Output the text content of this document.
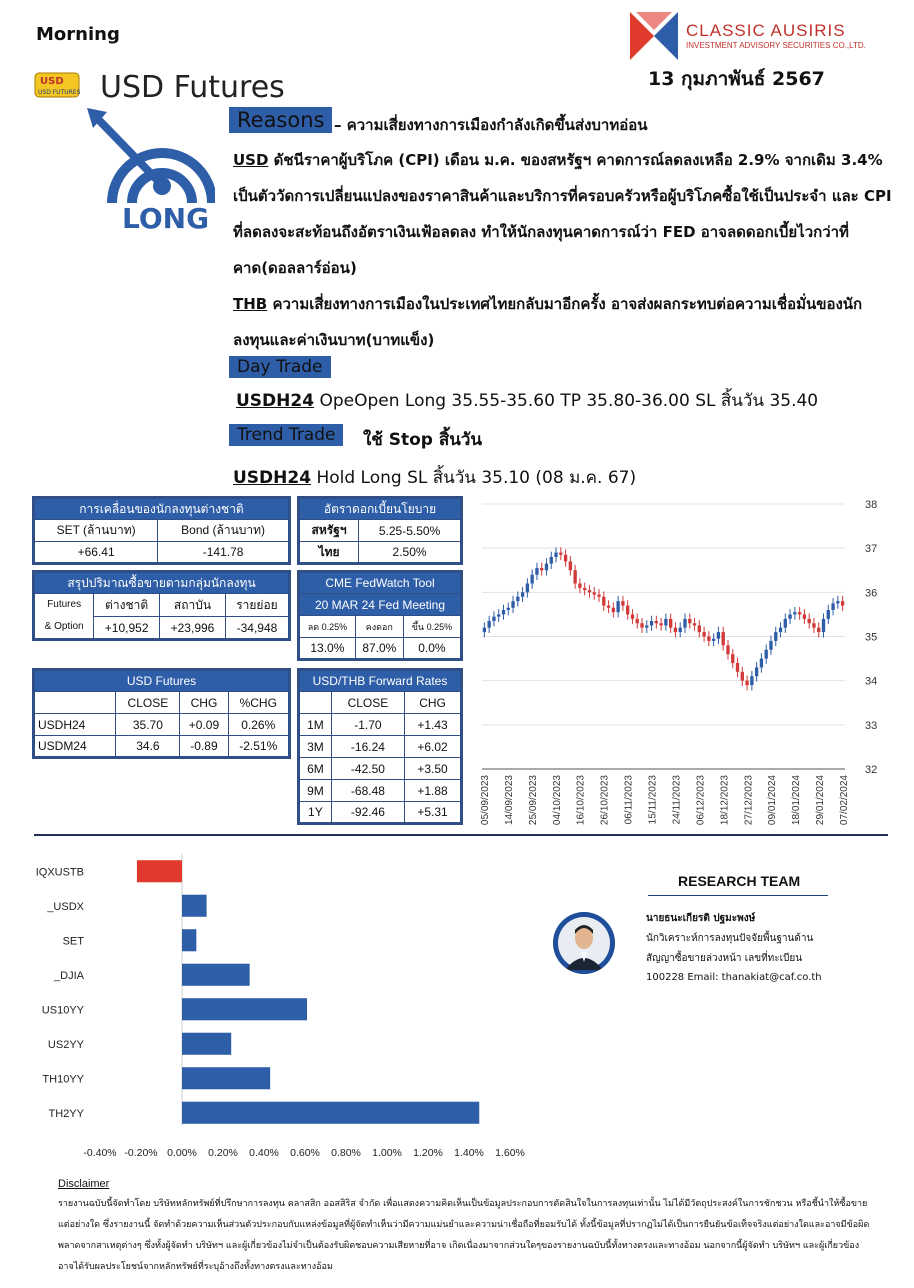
Morning	CLASSIC AUSIRIS
INVESTMENT ADVISORY SECURITIES CO.,LTD.
13 กุมภาพันธ์ 2567
USD
USD FUTURES USD Futures
LONG
Reasons – ความเสี่ยงทางการเมืองกำลังเกิดขึ้นส่งบาทอ่อน
USD ดัชนีราคาผู้บริโภค (CPI) เดือน ม.ค. ของสหรัฐฯ คาดการณ์ลดลงเหลือ 2.9% จากเดิม 3.4% เป็นตัววัดการเปลี่ยนแปลงของราคาสินค้าและบริการที่ครอบครัวหรือผู้บริโภคซื้อใช้เป็นประจำ และ CPI ที่ลดลงจะสะท้อนถึงอัตราเงินเฟ้อลดลง ทำให้นักลงทุนคาดการณ์ว่า FED อาจลดดอกเบี้ยไวกว่าที่คาด(ดอลลาร์อ่อน)
THB ความเสี่ยงทางการเมืองในประเทศไทยกลับมาอีกครั้ง อาจส่งผลกระทบต่อความเชื่อมั่นของนักลงทุนและค่าเงินบาท(บาทแข็ง)
Day Trade
USDH24 OpeOpen Long 35.55-35.60 TP 35.80-36.00 SL สิ้นวัน 35.40
Trend Trade	ใช้ Stop สิ้นวัน
USDH24 Hold Long SL สิ้นวัน 35.10 (08 ม.ค. 67)
การเคลื่อนของนักลงทุนต่างชาติ	
SET (ล้านบาท)	Bond (ล้านบาท)
+66.41	-141.78
อัตราดอกเบี้ยนโยบาย	
สหรัฐฯ	5.25-5.50%
ไทย	2.50%
สรุปปริมาณซื้อขายตามกลุ่มนักลงทุน			

Futures
& Option	ต่างชาติ	สถาบัน	รายย่อย
	+10,952	+23,996	-34,948
CME FedWatch Tool		
20 MAR 24 Fed Meeting		
ลด 0.25%	คงดอก	ขึ้น 0.25%
13.0%	87.0%	0.0%
USD Futures			
	CLOSE	CHG	%CHG
USDH24	35.70	+0.09	0.26%
USDM24	34.6	-0.89	-2.51%
USD/THB Forward Rates		
	CLOSE	CHG
1M	-1.70	+1.43
3M	-16.24	+6.02
6M	-42.50	+3.50
9M	-68.48	+1.88
1Y	-92.46	+5.31
32
33
34
35
36
37
38
05/09/2023 14/09/2023 25/09/2023 04/10/2023 16/10/2023 26/10/2023 06/11/2023 15/11/2023 24/11/2023 06/12/2023 18/12/2023 27/12/2023 09/01/2024 18/01/2024 29/01/2024 07/02/2024
IQXUSTB
_USDX
SET
_DJIA
US10YY
US2YY
TH10YY
TH2YY
-0.40% -0.20% 0.00% 0.20% 0.40% 0.60% 0.80% 1.00% 1.20% 1.40% 1.60%
RESEARCH TEAM
นายธนะเกียรติ ปฐมะพงษ์
นักวิเคราะห์การลงทุนปัจจัยพื้นฐานด้าน
สัญญาซื้อขายล่วงหน้า เลขที่ทะเบียน
100228 Email: thanakiat@caf.co.th
Disclaimer
รายงานฉบับนี้จัดทำโดย บริษัทหลักทรัพย์ที่ปรึกษาการลงทุน คลาสสิก ออสสิริส จำกัด เพื่อแสดงความคิดเห็นเป็นข้อมูลประกอบการตัดสินใจในการลงทุนเท่านั้น ไม่ได้มีวัตถุประสงค์ในการชักชวน หรือชี้นำให้ซื้อขายแต่อย่างใด ซึ่งรายงานนี้ จัดทำด้วยความเห็นส่วนตัวประกอบกับแหล่งข้อมูลที่ผู้จัดทำเห็นว่ามีความแม่นยำและความน่าเชื่อถือที่ยอมรับได้ ทั้งนี้ข้อมูลที่ปรากฏไม่ได้เป็นการยืนยันข้อเท็จจริงแต่อย่างใดและอาจมีข้อผิดพลาดจากสาเหตุต่างๆ ซึ่งทั้งผู้จัดทำ บริษัทฯ และผู้เกี่ยวข้องไม่จำเป็นต้องรับผิดชอบความเสียหายที่อาจ เกิดเนื่องมาจากส่วนใดๆของรายงานฉบับนี้ทั้งทางตรงและทางอ้อม นอกจากนี้ผู้จัดทำ บริษัทฯ และผู้เกี่ยวข้อง อาจได้รับผลประโยชน์จากหลักทรัพย์ที่ระบุอ้างถึงทั้งทางตรงและทางอ้อม
